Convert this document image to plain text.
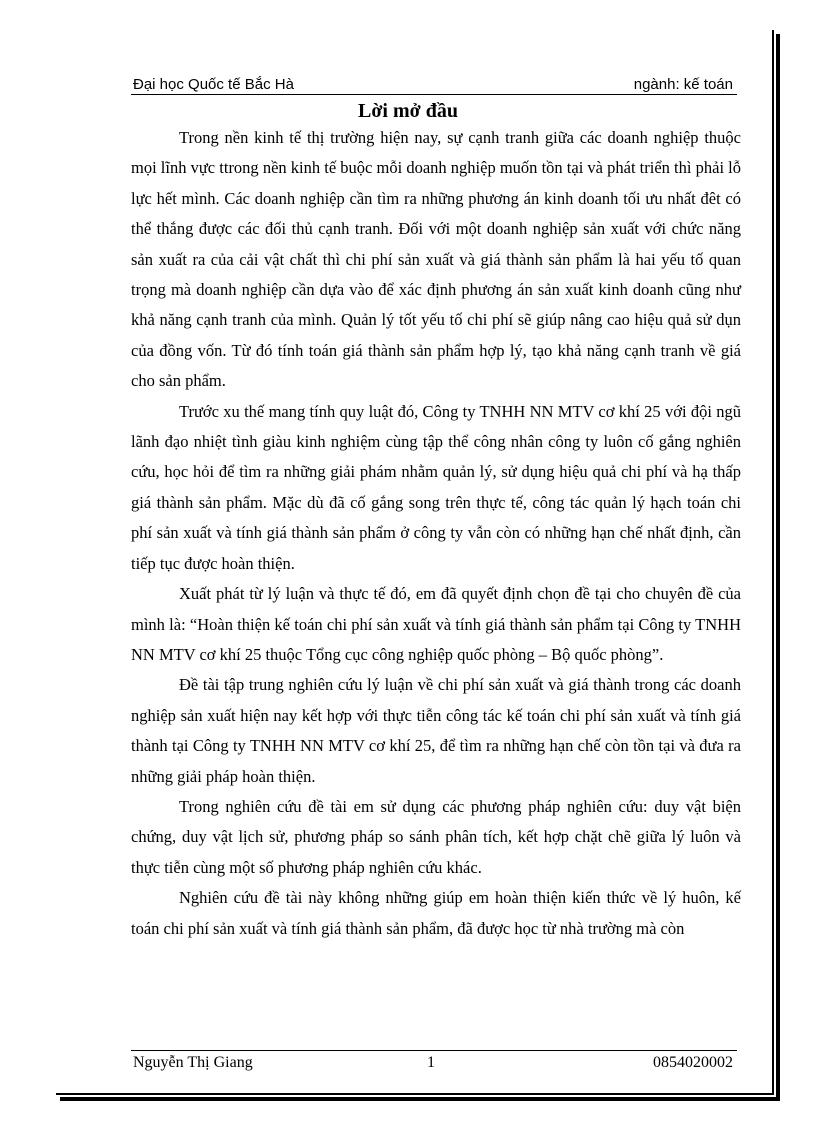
Đại học Quốc tế Bắc Hà	ngành: kế toán
Lời mở đầu

Trong nền kinh tế thị trường hiện nay, sự cạnh tranh giữa các doanh nghiệp thuộc mọi lĩnh vực ttrong nền kinh tế buộc mỗi doanh nghiệp muốn tồn tại và phát triển thì phải lỗ lực hết mình. Các doanh nghiệp cần tìm ra những phương án kinh doanh tối ưu nhất đêt có thể thắng được các đối thủ cạnh tranh. Đối với một doanh nghiệp sản xuất với chức năng sản xuất ra của cải vật chất thì chi phí sản xuất và giá thành sản phẩm là hai yếu tố quan trọng mà doanh nghiệp cần dựa vào để xác định phương án sản xuất kinh doanh cũng như khả năng cạnh tranh của mình. Quản lý tốt yếu tố chi phí sẽ giúp nâng cao hiệu quả sử dụn của đồng vốn. Từ đó tính toán giá thành sản phẩm hợp lý, tạo khả năng cạnh tranh về giá cho sản phẩm.

Trước xu thế mang tính quy luật đó, Công ty TNHH NN MTV cơ khí 25 với đội ngũ lãnh đạo nhiệt tình giàu kinh nghiệm cùng tập thể công nhân công ty luôn cố gắng nghiên cứu, học hỏi để tìm ra những giải phám nhằm quản lý, sử dụng hiệu quả chi phí và hạ thấp giá thành sản phẩm. Mặc dù đã cố gắng song trên thực tế, công tác quản lý hạch toán chi phí sản xuất và tính giá thành sản phẩm ở công ty vẫn còn có những hạn chế nhất định, cần tiếp tục được hoàn thiện.

Xuất phát từ lý luận và thực tế đó, em đã quyết định chọn đề tại cho chuyên đề của mình là: “Hoàn thiện kế toán chi phí sản xuất và tính giá thành sản phẩm tại Công ty TNHH NN MTV cơ khí 25 thuộc Tổng cục công nghiệp quốc phòng – Bộ quốc phòng”.

Đề tài tập trung nghiên cứu lý luận về chi phí sản xuất và giá thành trong các doanh nghiệp sản xuất hiện nay kết hợp với thực tiễn công tác kế toán chi phí sản xuất và tính giá thành tại Công ty TNHH NN MTV cơ khí 25, để tìm ra những hạn chế còn tồn tại và đưa ra những giải pháp hoàn thiện.

Trong nghiên cứu đề tài em sử dụng các phương pháp nghiên cứu: duy vật biện chứng, duy vật lịch sử, phương pháp so sánh phân tích, kết hợp chặt chẽ giữa lý luôn và thực tiễn cùng một số phương pháp nghiên cứu khác.

Nghiên cứu đề tài này không những giúp em hoàn thiện kiến thức về lý huôn, kế toán chi phí sản xuất và tính giá thành sản phẩm, đã được học từ nhà trường mà còn

Nguyễn Thị Giang	1	0854020002
